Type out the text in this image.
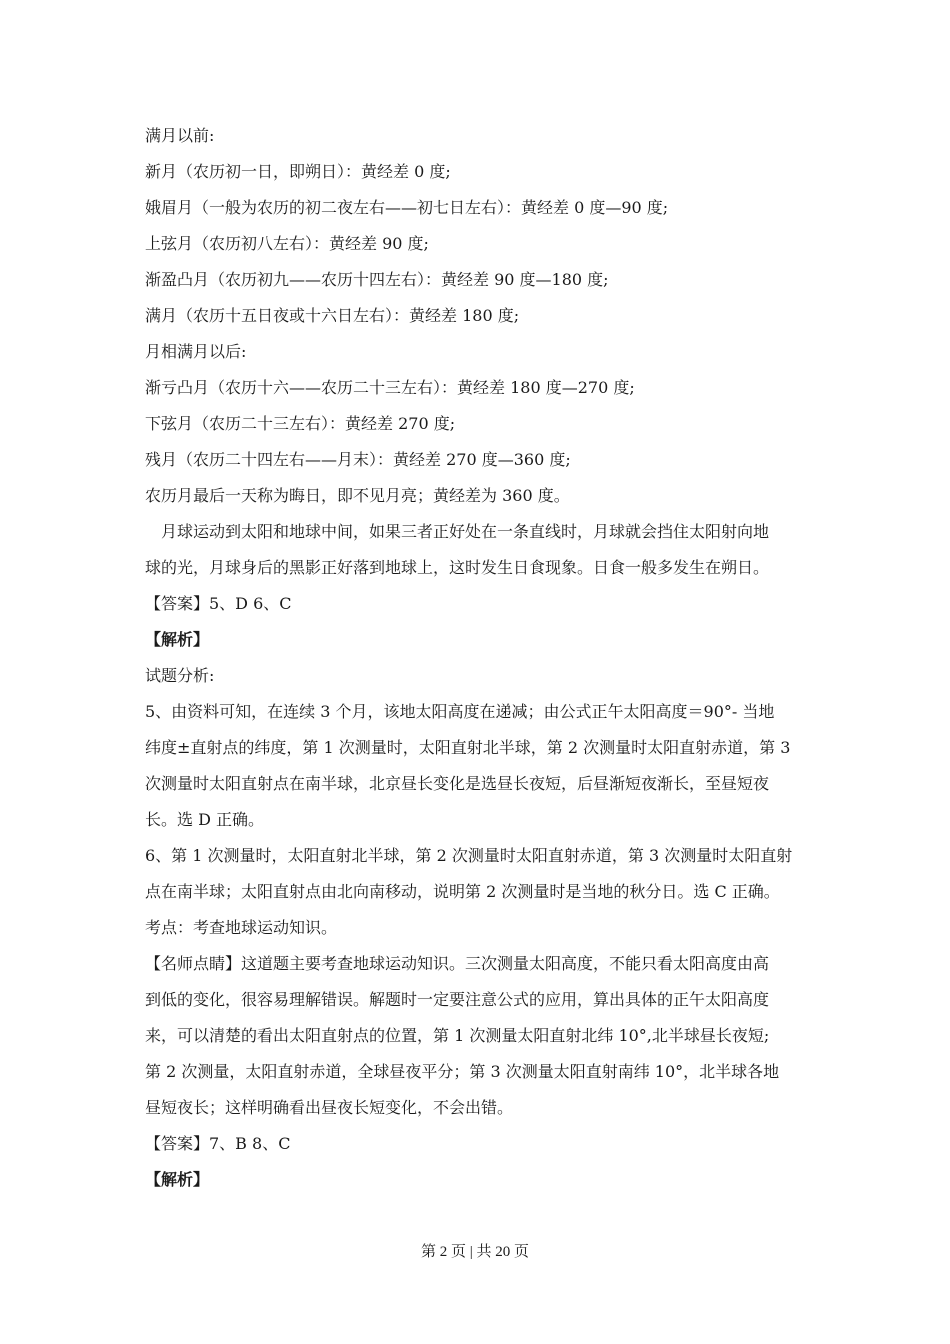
满月以前:
新月（农历初一日，即朔日）：黄经差 0 度;
娥眉月（一般为农历的初二夜左右——初七日左右）：黄经差 0 度—90 度;
上弦月（农历初八左右）：黄经差 90 度;
渐盈凸月（农历初九——农历十四左右）：黄经差 90 度—180 度;
满月（农历十五日夜或十六日左右）：黄经差 180 度;
月相满月以后:
渐亏凸月（农历十六——农历二十三左右）：黄经差 180 度—270 度;
下弦月（农历二十三左右）：黄经差 270 度;
残月（农历二十四左右——月末）：黄经差 270 度—360 度;
农历月最后一天称为晦日，即不见月亮；黄经差为 360 度。
月球运动到太阳和地球中间，如果三者正好处在一条直线时，月球就会挡住太阳射向地
球的光，月球身后的黑影正好落到地球上，这时发生日食现象。日食一般多发生在朔日。
【答案】5、D 6、C
【解析】
试题分析:
5、由资料可知，在连续 3 个月，该地太阳高度在递减；由公式正午太阳高度＝90°- 当地
纬度±直射点的纬度，第 1 次测量时，太阳直射北半球，第 2 次测量时太阳直射赤道，第 3
次测量时太阳直射点在南半球，北京昼长变化是选昼长夜短，后昼渐短夜渐长，至昼短夜
长。选 D 正确。
6、第 1 次测量时，太阳直射北半球，第 2 次测量时太阳直射赤道，第 3 次测量时太阳直射
点在南半球；太阳直射点由北向南移动，说明第 2 次测量时是当地的秋分日。选 C 正确。
考点：考查地球运动知识。
【名师点睛】这道题主要考查地球运动知识。三次测量太阳高度，不能只看太阳高度由高
到低的变化，很容易理解错误。解题时一定要注意公式的应用，算出具体的正午太阳高度
来，可以清楚的看出太阳直射点的位置，第 1 次测量太阳直射北纬 10°,北半球昼长夜短;
第 2 次测量，太阳直射赤道，全球昼夜平分；第 3 次测量太阳直射南纬 10°，北半球各地
昼短夜长；这样明确看出昼夜长短变化，不会出错。
【答案】7、B 8、C
【解析】
第 2 页 | 共 20 页
